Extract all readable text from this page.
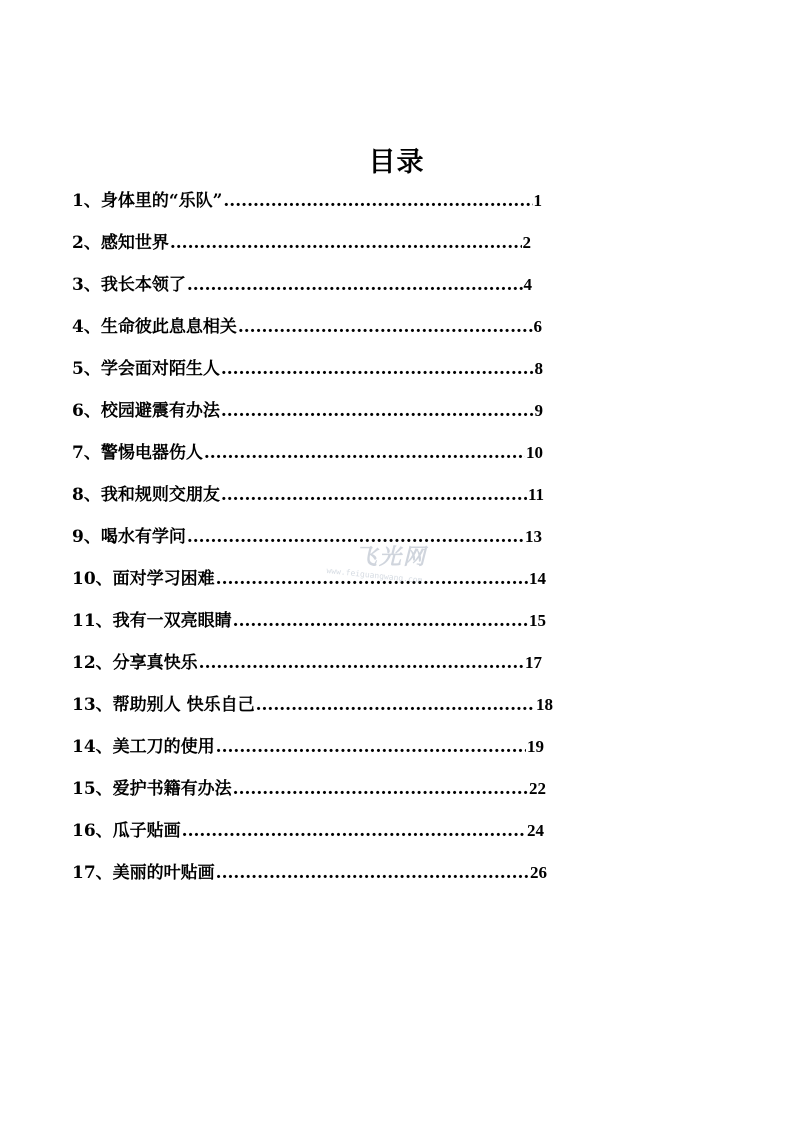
目录
1、身体里的“乐队” .....	1
2、感知世界 .....	2
3、我长本领了 .....	4
4、生命彼此息息相关 .....	6
5、学会面对陌生人 .....	8
6、校园避震有办法 .....	9
7、警惕电器伤人 .....	10
8、我和规则交朋友 .....	11
9、喝水有学问 .....	13
10、面对学习困难 .....	14
11、我有一双亮眼睛 .....	15
12、分享真快乐 .....	17
13、帮助别人 快乐自己 .....	18
14、美工刀的使用 .....	19
15、爱护书籍有办法 .....	22
16、瓜子贴画 .....	24
17、美丽的叶贴画 .....	26
飞光网
www.feiguangwang.com
